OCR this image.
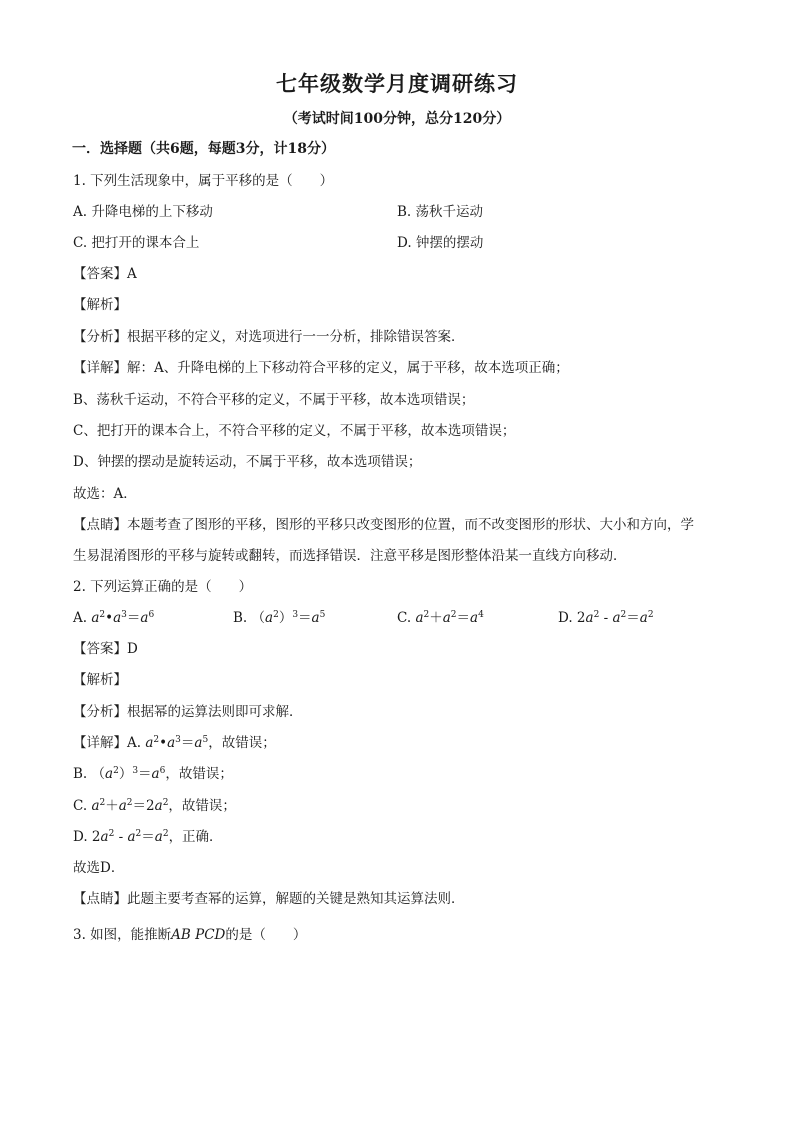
七年级数学月度调研练习
（考试时间100分钟，总分120分）
一．选择题（共6题，每题3分，计18分）
1. 下列生活现象中，属于平移的是（　　）
A. 升降电梯的上下移动	B. 荡秋千运动
C. 把打开的课本合上	D. 钟摆的摆动
【答案】A
【解析】
【分析】根据平移的定义，对选项进行一一分析，排除错误答案．
【详解】解：A、升降电梯的上下移动符合平移的定义，属于平移，故本选项正确；
B、荡秋千运动，不符合平移的定义，不属于平移，故本选项错误；
C、把打开的课本合上，不符合平移的定义，不属于平移，故本选项错误；
D、钟摆的摆动是旋转运动，不属于平移，故本选项错误；
故选：A．
【点睛】本题考查了图形的平移，图形的平移只改变图形的位置，而不改变图形的形状、大小和方向，学
生易混淆图形的平移与旋转或翻转，而选择错误．注意平移是图形整体沿某一直线方向移动．
2. 下列运算正确的是（　　）
A. $a^2•a^3=a^6$	B. $(a^2)^3=a^5$	C. $a^2+a^2=a^4$	D. $2a^2 - a^2=a^2$
【答案】D
【解析】
【分析】根据幂的运算法则即可求解．
【详解】A. $a^2•a^3=a^5$，故错误；
B. $(a^2)^3=a^6$，故错误；
C. $a^2+a^2=2a^2$，故错误；
D. $2a^2 - a^2=a^2$，正确．
故选D．
【点睛】此题主要考查幂的运算，解题的关键是熟知其运算法则．
3. 如图，能推断AB PCD的是（　　）
